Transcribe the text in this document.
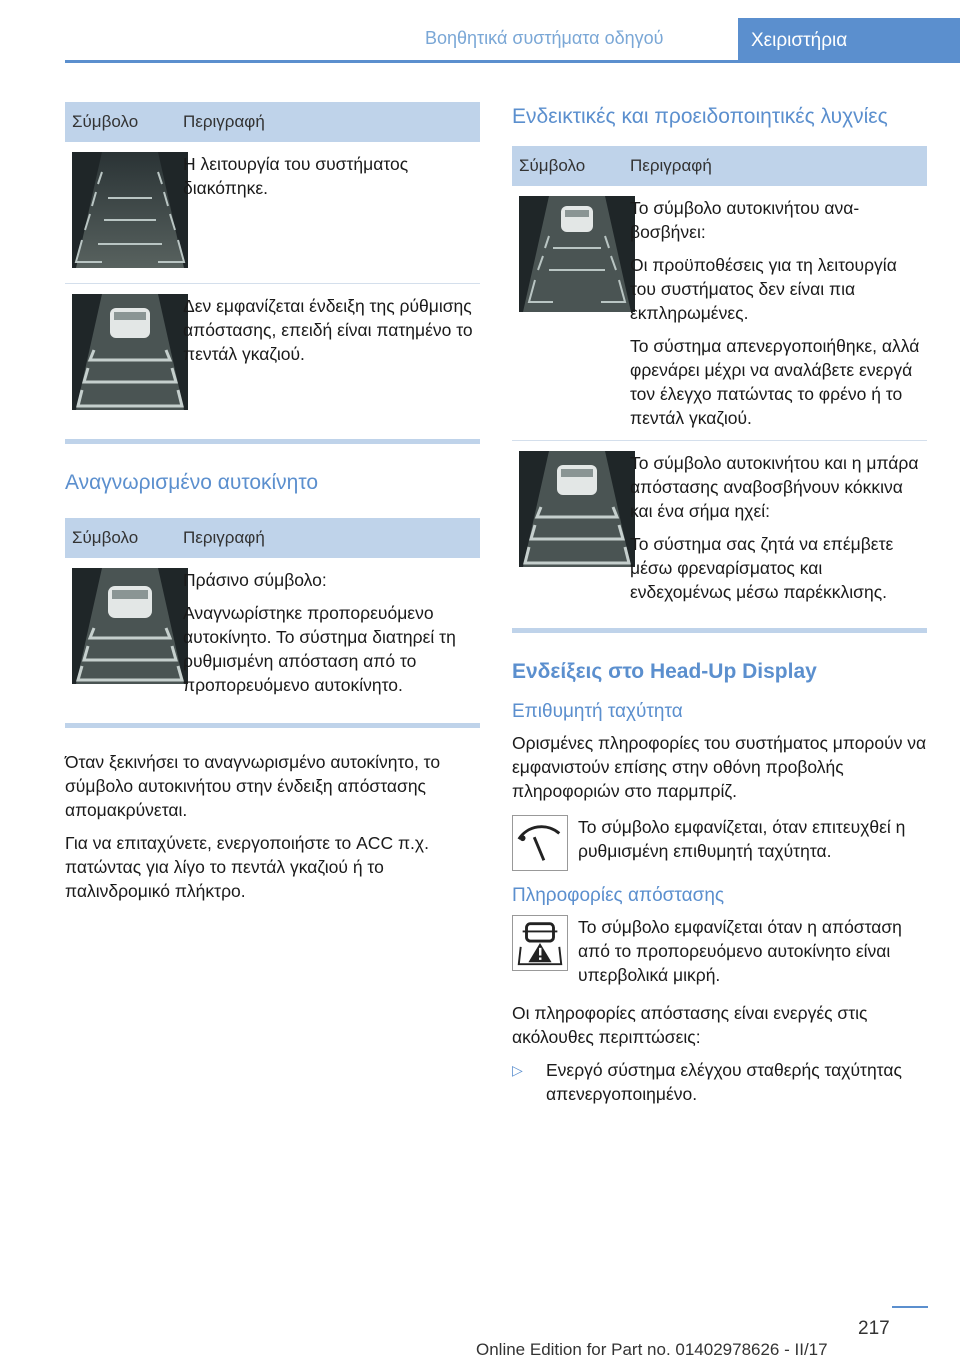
Βοηθητικά συστήματα οδηγού	Χειριστήρια
Σύμβολο	Περιγραφή

Η λειτουργία του συστήματος διακόπηκε.

Δεν εμφανίζεται ένδειξη της ρύθμισης απόστασης, επειδή είναι πατημένο το πεντάλ γκαζιού.

Αναγνωρισμένο αυτοκίνητο
Σύμβολο	Περιγραφή

Πράσινο σύμβολο:

Αναγνωρίστηκε προπορευόμενο αυτοκίνητο. Το σύστημα διατηρεί τη ρυθμισμένη απόσταση από το προπορευόμενο αυτοκίνητο.

Όταν ξεκινήσει το αναγνωρισμένο αυτοκίνητο, το σύμβολο αυτοκινήτου στην ένδειξη απόστασης απομακρύνεται.

Για να επιταχύνετε, ενεργοποιήστε το ACC π.χ. πατώντας για λίγο το πεντάλ γκαζιού ή το παλινδρομικό πλήκτρο.

Ενδεικτικές και προειδοποιητικές λυχνίες
Σύμβολο	Περιγραφή

Το σύμβολο αυτοκινήτου αναβοσβήνει:

Οι προϋποθέσεις για τη λειτουργία του συστήματος δεν είναι πια εκπληρωμένες.

Το σύστημα απενεργοποιήθηκε, αλλά φρενάρει μέχρι να αναλάβετε ενεργά τον έλεγχο πατώντας το φρένο ή το πεντάλ γκαζιού.

Το σύμβολο αυτοκινήτου και η μπάρα απόστασης αναβοσβήνουν κόκκινα και ένα σήμα ηχεί:

Το σύστημα σας ζητά να επέμβετε μέσω φρεναρίσματος και ενδεχομένως μέσω παρέκκλισης.

Ενδείξεις στο Head-Up Display
Επιθυμητή ταχύτητα

Ορισμένες πληροφορίες του συστήματος μπορούν να εμφανιστούν επίσης στην οθόνη προβολής πληροφοριών στο παρμπρίζ.

Το σύμβολο εμφανίζεται, όταν επιτευχθεί η ρυθμισμένη επιθυμητή ταχύτητα.
Πληροφορίες απόστασης
Το σύμβολο εμφανίζεται όταν η απόσταση από το προπορευόμενο αυτοκίνητο είναι υπερβολικά μικρή.

Οι πληροφορίες απόστασης είναι ενεργές στις ακόλουθες περιπτώσεις:

▷	Ενεργό σύστημα ελέγχου σταθερής ταχύτητας απενεργοποιημένο.
217
Online Edition for Part no. 01402978626 - II/17
